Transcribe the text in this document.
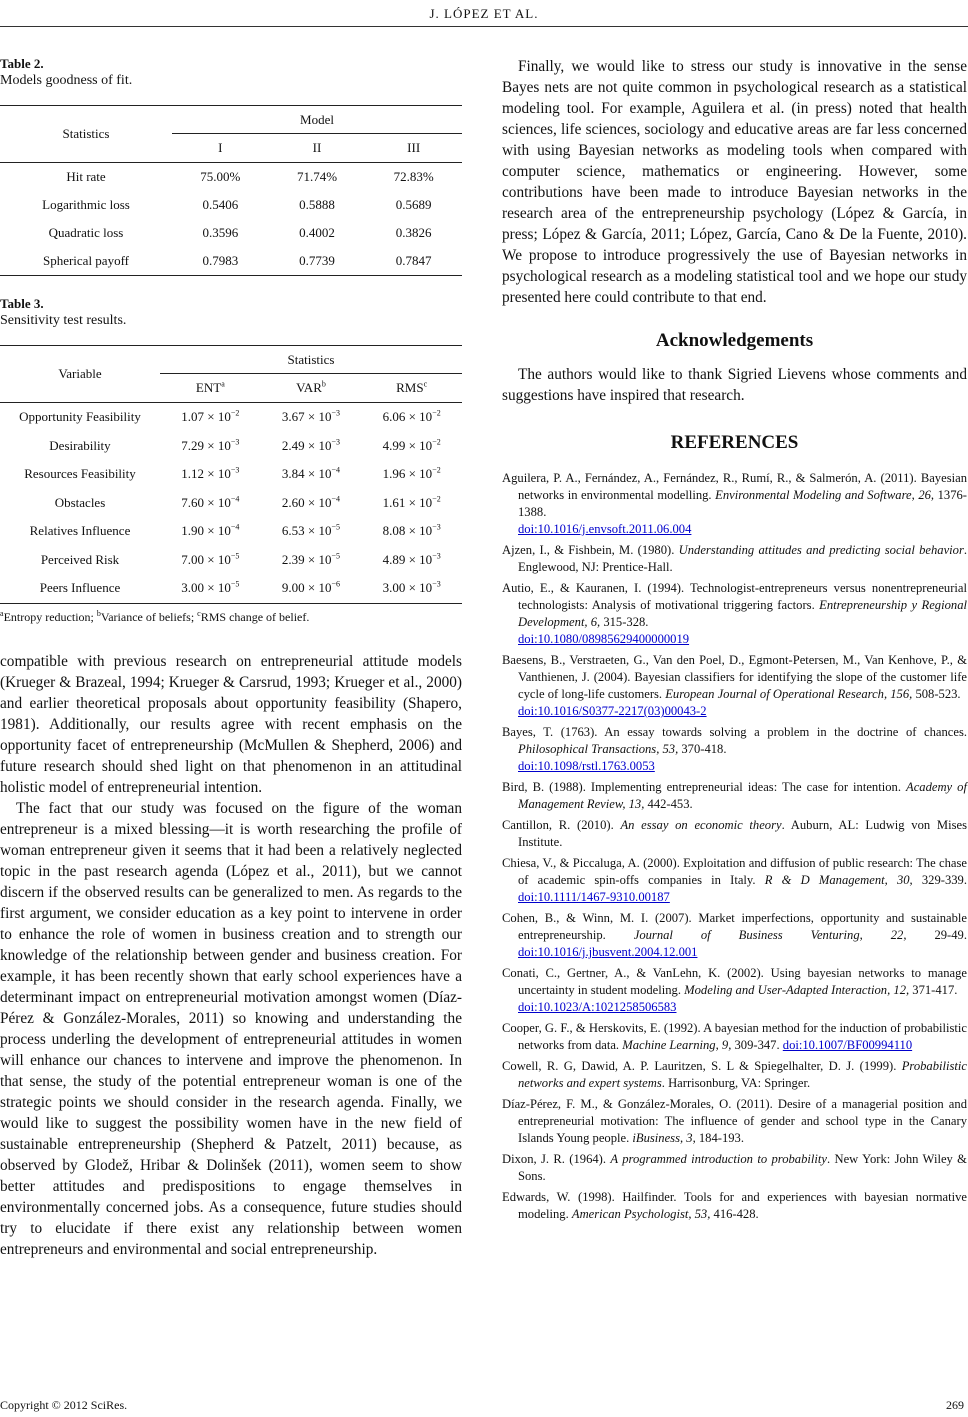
J. LÓPEZ ET AL.
Table 2.
Models goodness of fit.
Statistics	Model		
	I	II	III
Hit rate	75.00%	71.74%	72.83%
Logarithmic loss	0.5406	0.5888	0.5689
Quadratic loss	0.3596	0.4002	0.3826
Spherical payoff	0.7983	0.7739	0.7847
Table 3.
Sensitivity test results.
Variable	Statistics		
	ENT$^a$	VAR$^b$	RMS$^c$
Opportunity Feasibility	$1.07 \times 10^{-2}$	$3.67 \times 10^{-3}$	$6.06 \times 10^{-2}$
Desirability	$7.29 \times 10^{-3}$	$2.49 \times 10^{-3}$	$4.99 \times 10^{-2}$
Resources Feasibility	$1.12 \times 10^{-3}$	$3.84 \times 10^{-4}$	$1.96 \times 10^{-2}$
Obstacles	$7.60 \times 10^{-4}$	$2.60 \times 10^{-4}$	$1.61 \times 10^{-2}$
Relatives Influence	$1.90 \times 10^{-4}$	$6.53 \times 10^{-5}$	$8.08 \times 10^{-3}$
Perceived Risk	$7.00 \times 10^{-5}$	$2.39 \times 10^{-5}$	$4.89 \times 10^{-3}$
Peers Influence	$3.00 \times 10^{-5}$	$9.00 \times 10^{-6}$	$3.00 \times 10^{-3}$
$^a$Entropy reduction; $^b$Variance of beliefs; $^c$RMS change of belief.

compatible with previous research on entrepreneurial attitude models (Krueger & Brazeal, 1994; Krueger & Carsrud, 1993; Krueger et al., 2000) and earlier theoretical proposals about opportunity feasibility (Shapero, 1981). Additionally, our results agree with recent emphasis on the opportunity facet of entrepreneurship (McMullen & Shepherd, 2006) and future research should shed light on that phenomenon in an attitudinal holistic model of entrepreneurial intention.

The fact that our study was focused on the figure of the woman entrepreneur is a mixed blessing—it is worth researching the profile of woman entrepreneur given it seems that it had been a relatively neglected topic in the past research agenda (López et al., 2011), but we cannot discern if the observed results can be generalized to men. As regards to the first argument, we consider education as a key point to intervene in order to enhance the role of women in business creation and to strength our knowledge of the relationship between gender and business creation. For example, it has been recently shown that early school experiences have a determinant impact on entrepreneurial motivation amongst women (Díaz-Pérez & González-Morales, 2011) so knowing and understanding the process underling the development of entrepreneurial attitudes in women will enhance our chances to intervene and improve the phenomenon. In that sense, the study of the potential entrepreneur woman is one of the strategic points we should consider in the research agenda. Finally, we would like to suggest the possibility women have in the new field of sustainable entrepreneurship (Shepherd & Patzelt, 2011) because, as observed by Glodež, Hribar & Dolinšek (2011), women seem to show better attitudes and predispositions to engage themselves in environmentally concerned jobs. As a consequence, future studies should try to elucidate if there exist any relationship between women entrepreneurs and environmental and social entrepreneurship.

Finally, we would like to stress our study is innovative in the sense Bayes nets are not quite common in psychological research as a statistical modeling tool. For example, Aguilera et al. (in press) noted that health sciences, life sciences, sociology and educative areas are far less concerned with using Bayesian networks as modeling tools when compared with computer science, mathematics or engineering. However, some contributions have been made to introduce Bayesian networks in the research area of the entrepreneurship psychology (López & García, in press; López & García, 2011; López, García, Cano & De la Fuente, 2010). We propose to introduce progressively the use of Bayesian networks in psychological research as a modeling statistical tool and we hope our study presented here could contribute to that end.

Acknowledgements

The authors would like to thank Sigried Lievens whose comments and suggestions have inspired that research.

REFERENCES

Aguilera, P. A., Fernández, A., Fernández, R., Rumí, R., & Salmerón, A. (2011). Bayesian networks in environmental modelling. Environmental Modeling and Software, 26, 1376-1388.
doi:10.1016/j.envsoft.2011.06.004

Ajzen, I., & Fishbein, M. (1980). Understanding attitudes and predicting social behavior. Englewood, NJ: Prentice-Hall.

Autio, E., & Kauranen, I. (1994). Technologist-entrepreneurs versus nonentrepreneurial technologists: Analysis of motivational triggering factors. Entrepreneurship y Regional Development, 6, 315-328.
doi:10.1080/08985629400000019

Baesens, B., Verstraeten, G., Van den Poel, D., Egmont-Petersen, M., Van Kenhove, P., & Vanthienen, J. (2004). Bayesian classifiers for identifying the slope of the customer life cycle of long-life customers. European Journal of Operational Research, 156, 508-523.
doi:10.1016/S0377-2217(03)00043-2

Bayes, T. (1763). An essay towards solving a problem in the doctrine of chances. Philosophical Transactions, 53, 370-418.
doi:10.1098/rstl.1763.0053

Bird, B. (1988). Implementing entrepreneurial ideas: The case for intention. Academy of Management Review, 13, 442-453.

Cantillon, R. (2010). An essay on economic theory. Auburn, AL: Ludwig von Mises Institute.

Chiesa, V., & Piccaluga, A. (2000). Exploitation and diffusion of public research: The chase of academic spin-offs companies in Italy. R & D Management, 30, 329-339. doi:10.1111/1467-9310.00187

Cohen, B., & Winn, M. I. (2007). Market imperfections, opportunity and sustainable entrepreneurship. Journal of Business Venturing, 22, 29-49. doi:10.1016/j.jbusvent.2004.12.001

Conati, C., Gertner, A., & VanLehn, K. (2002). Using bayesian networks to manage uncertainty in student modeling. Modeling and User-Adapted Interaction, 12, 371-417.
doi:10.1023/A:1021258506583

Cooper, G. F., & Herskovits, E. (1992). A bayesian method for the induction of probabilistic networks from data. Machine Learning, 9, 309-347. doi:10.1007/BF00994110

Cowell, R. G, Dawid, A. P. Lauritzen, S. L & Spiegelhalter, D. J. (1999). Probabilistic networks and expert systems. Harrisonburg, VA: Springer.

Díaz-Pérez, F. M., & González-Morales, O. (2011). Desire of a managerial position and entrepreneurial motivation: The influence of gender and school type in the Canary Islands Young people. iBusiness, 3, 184-193.

Dixon, J. R. (1964). A programmed introduction to probability. New York: John Wiley & Sons.

Edwards, W. (1998). Hailfinder. Tools for and experiences with bayesian normative modeling. American Psychologist, 53, 416-428.

Copyright © 2012 SciRes.	269
